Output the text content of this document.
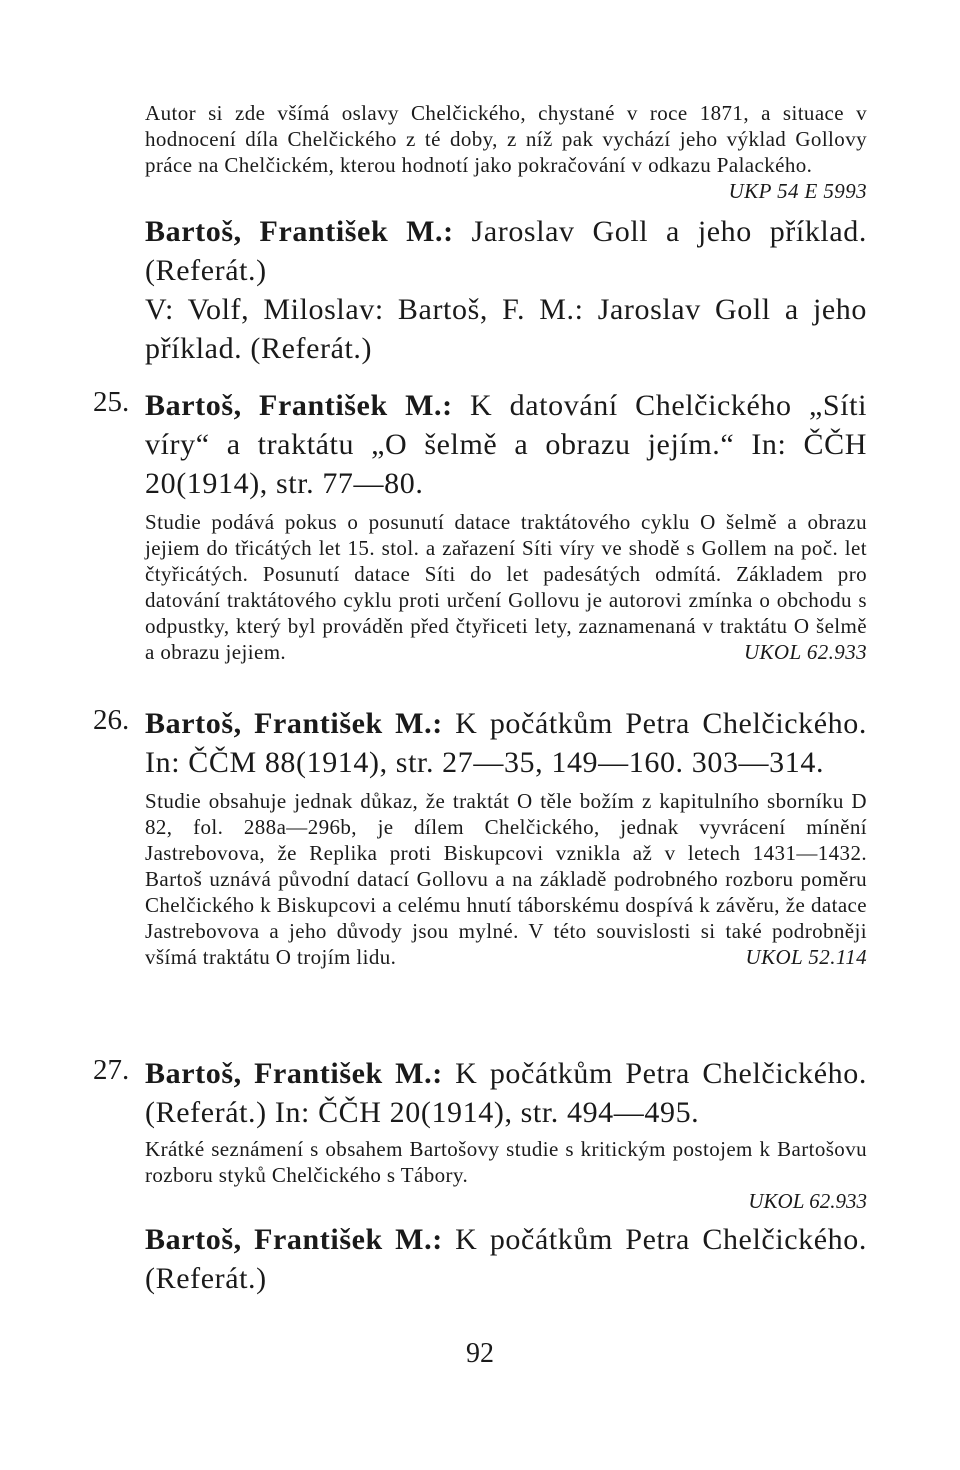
Autor si zde všímá oslavy Chelčického, chystané v roce 1871, a situace v hodnocení díla Chelčického z té doby, z níž pak vychází jeho výklad Gollovy práce na Chelčickém, kterou hodnotí jako pokračování v odkazu Palackého.
UKP 54 E 5993

Bartoš, František M.: Jaroslav Goll a jeho příklad. (Referát.)

V: Volf, Miloslav: Bartoš, F. M.: Jaroslav Goll a jeho příklad. (Referát.)

25. Bartoš, František M.: K datování Chelčického „Síti víry“ a traktátu „O šelmě a obrazu jejím.“ In: ČČH 20(1914), str. 77—80.

Studie podává pokus o posunutí datace traktátového cyklu O šelmě a obrazu jejiem do třicátých let 15. stol. a zařazení Síti víry ve shodě s Gollem na poč. let čtyřicátých. Posunutí datace Síti do let padesátých odmítá. Základem pro datování traktátového cyklu proti určení Gollovu je autorovi zmínka o obchodu s odpustky, který byl prováděn před čtyřiceti lety, zaznamenaná v traktátu O šelmě a obrazu jejiem.	UKOL 62.933

26. Bartoš, František M.: K počátkům Petra Chelčického. In: ČČM 88(1914), str. 27—35, 149—160. 303—314.

Studie obsahuje jednak důkaz, že traktát O těle božím z kapitulního sborníku D 82, fol. 288a—296b, je dílem Chelčického, jednak vyvrácení mínění Jastrebovova, že Replika proti Biskupcovi vznikla až v letech 1431—1432. Bartoš uznává původní datací Gollovu a na základě podrobného rozboru poměru Chelčického k Biskupcovi a celému hnutí táborskému dospívá k závěru, že datace Jastrebovova a jeho důvody jsou mylné. V této souvislosti si také podrobněji všímá traktátu O trojím lidu.	UKOL 52.114

27. Bartoš, František M.: K počátkům Petra Chelčického. (Referát.) In: ČČH 20(1914), str. 494—495.

Krátké seznámení s obsahem Bartošovy studie s kritickým postojem k Bartošovu rozboru styků Chelčického s Tábory.

UKOL 62.933

Bartoš, František M.: K počátkům Petra Chelčického. (Referát.)

92
